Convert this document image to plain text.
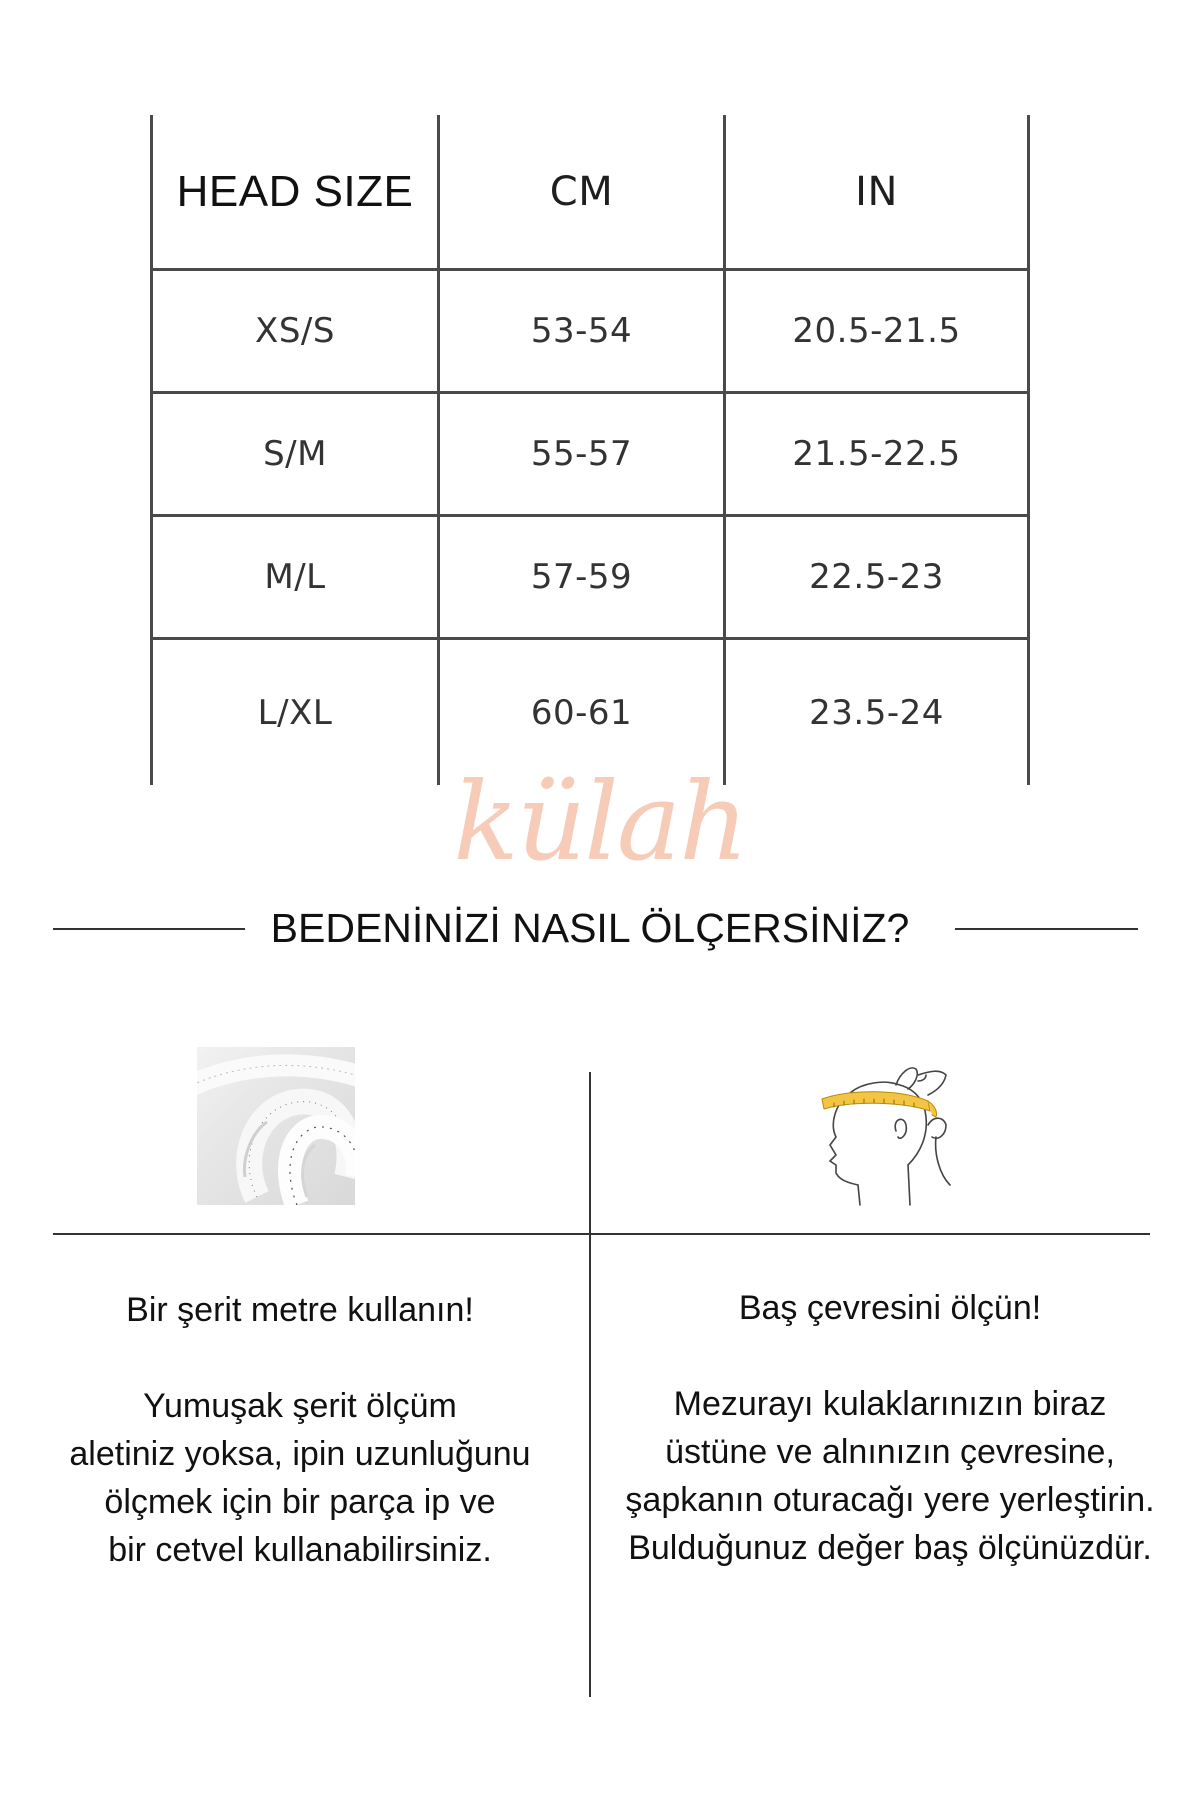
HEAD SIZE	CM	IN
XS/S	53-54	20.5-21.5
S/M	55-57	21.5-22.5
M/L	57-59	22.5-23
L/XL	60-61	23.5-24
külah
BEDENİNİZİ NASIL ÖLÇERSİNİZ?
Bir şerit metre kullanın!
Yumuşak şerit ölçüm
aletiniz yoksa, ipin uzunluğunu
ölçmek için bir parça ip ve
bir cetvel kullanabilirsiniz.
Baş çevresini ölçün!
Mezurayı kulaklarınızın biraz
üstüne ve alnınızın çevresine,
şapkanın oturacağı yere yerleştirin.
Bulduğunuz değer baş ölçünüzdür.
